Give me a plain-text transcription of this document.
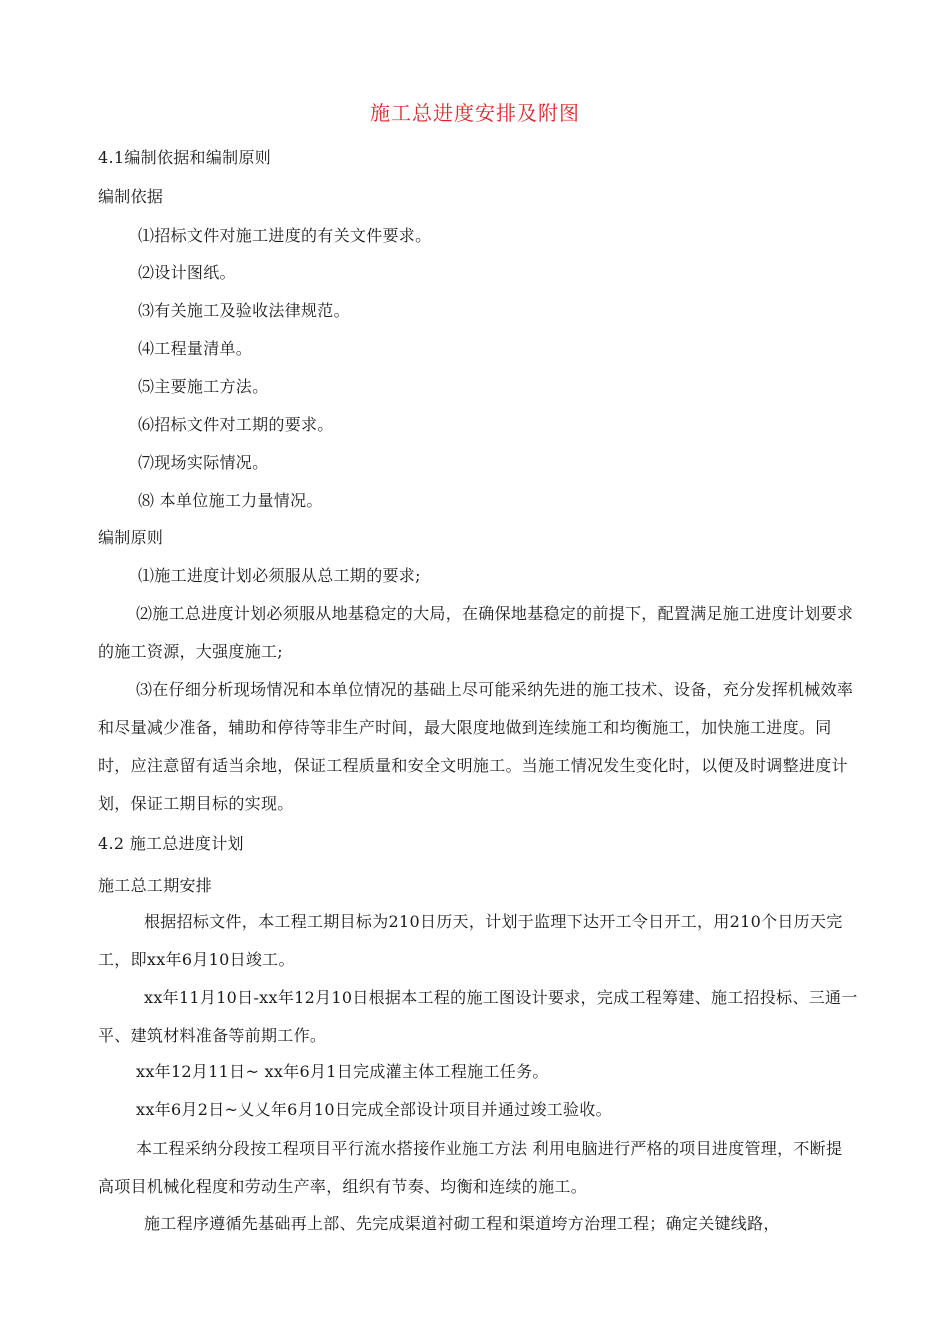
施工总进度安排及附图
4.1编制依据和编制原则
编制依据
⑴招标文件对施工进度的有关文件要求。
⑵设计图纸。
⑶有关施工及验收法律规范。
⑷工程量清单。
⑸主要施工方法。
⑹招标文件对工期的要求。
⑺现场实际情况。
⑻ 本单位施工力量情况。
编制原则
⑴施工进度计划必须服从总工期的要求;
⑵施工总进度计划必须服从地基稳定的大局，在确保地基稳定的前提下，配置满足施工进度计划要求的施工资源，大强度施工;
⑶在仔细分析现场情况和本单位情况的基础上尽可能采纳先进的施工技术、设备，充分发挥机械效率和尽量减少准备，辅助和停待等非生产时间，最大限度地做到连续施工和均衡施工，加快施工进度。同时，应注意留有适当余地，保证工程质量和安全文明施工。当施工情况发生变化时，以便及时调整进度计划，保证工期目标的实现。
4.2 施工总进度计划
施工总工期安排
根据招标文件，本工程工期目标为210日历天，计划于监理下达开工令日开工，用210个日历天完工，即xx年6月10日竣工。
xx年11月10日-xx年12月10日根据本工程的施工图设计要求，完成工程筹建、施工招投标、三通一平、建筑材料准备等前期工作。
xx年12月11日~ xx年6月1日完成灌主体工程施工任务。
xx年6月2日~乂乂年6月10日完成全部设计项目并通过竣工验收。
本工程采纳分段按工程项目平行流水搭接作业施工方法 利用电脑进行严格的项目进度管理，不断提高项目机械化程度和劳动生产率，组织有节奏、均衡和连续的施工。
施工程序遵循先基础再上部、先完成渠道衬砌工程和渠道垮方治理工程；确定关键线路，
